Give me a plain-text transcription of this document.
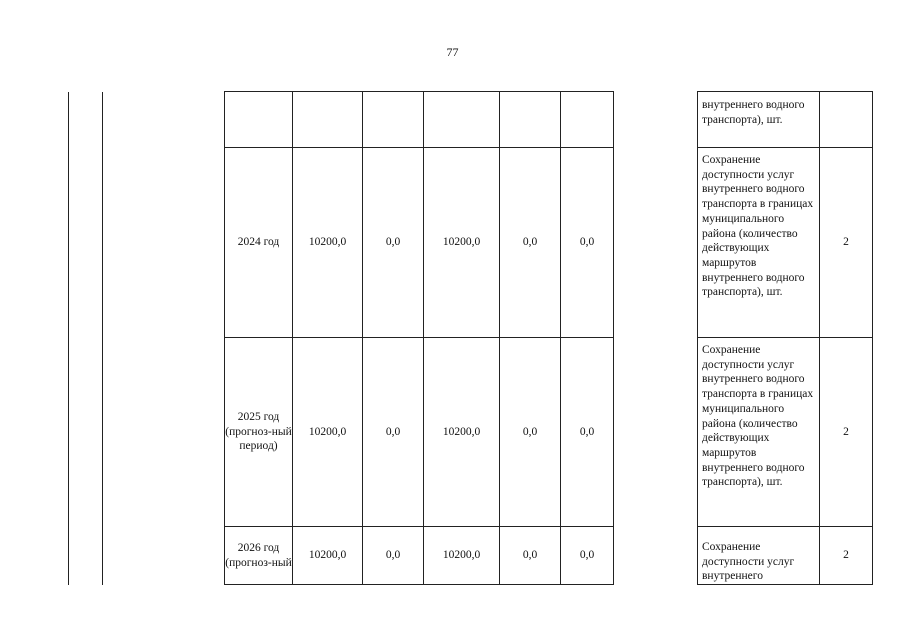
77
									внутреннего водного транспорта), шт.	
		2024 год	10200,0	0,0	10200,0	0,0	0,0		Сохранение доступности услуг внутреннего водного транспорта в границах муниципального района (количество действующих маршрутов внутреннего водного транспорта), шт.	2
		2025 год (прогноз-ный период)	10200,0	0,0	10200,0	0,0	0,0		Сохранение доступности услуг внутреннего водного транспорта в границах муниципального района (количество действующих маршрутов внутреннего водного транспорта), шт.	2
		2026 год (прогноз-ный	10200,0	0,0	10200,0	0,0	0,0		Сохранение доступности услуг внутреннего	2
